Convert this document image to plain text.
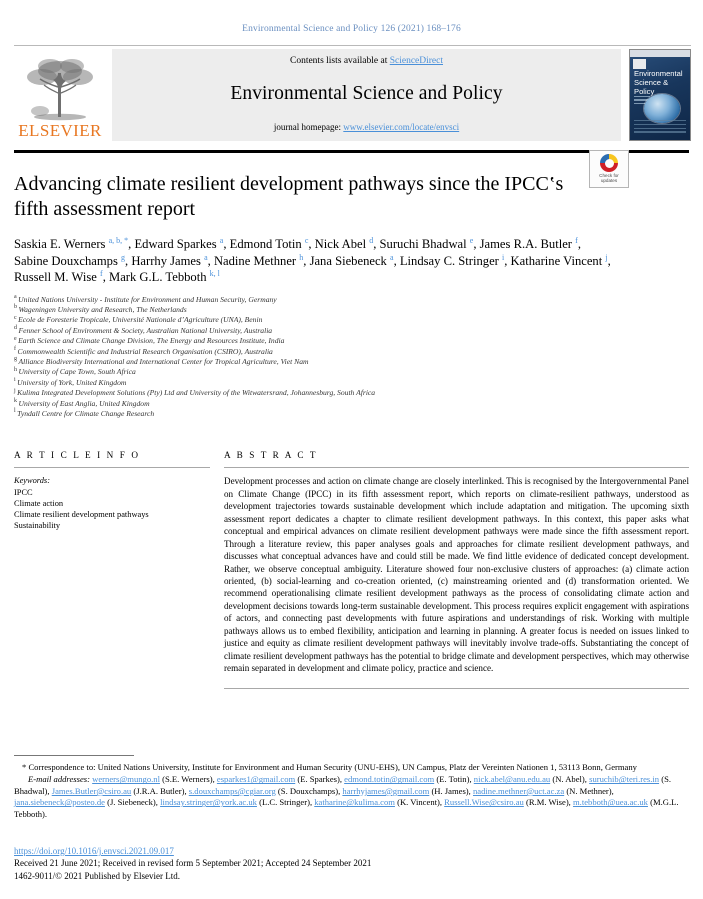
Environmental Science and Policy 126 (2021) 168–176
ELSEVIER
Contents lists available at ScienceDirect
Environmental Science and Policy
journal homepage: www.elsevier.com/locate/envsci
Environmental Science & Policy
Advancing climate resilient development pathways since the IPCC‛s fifth assessment report
Check for
updates
Saskia E. Werners $^{a, b, *}$, Edward Sparkes $^a$, Edmond Totin $^c$, Nick Abel $^d$, Suruchi Bhadwal $^e$, James R.A. Butler $^f$, Sabine Douxchamps $^g$, Harrhy James $^a$, Nadine Methner $^h$, Jana Siebeneck $^a$, Lindsay C. Stringer $^i$, Katharine Vincent $^j$, Russell M. Wise $^f$, Mark G.L. Tebboth $^{k, l}$
$^a$ United Nations University - Institute for Environment and Human Security, Germany
$^b$ Wageningen University and Research, The Netherlands
$^c$ Ecole de Foresterie Tropicale, Université Nationale d’Agriculture (UNA), Benin
$^d$ Fenner School of Environment & Society, Australian National University, Australia
$^e$ Earth Science and Climate Change Division, The Energy and Resources Institute, India
$^f$ Commonwealth Scientific and Industrial Research Organisation (CSIRO), Australia
$^g$ Alliance Biodiversity International and International Center for Tropical Agriculture, Viet Nam
$^h$ University of Cape Town, South Africa
$^i$ University of York, United Kingdom
$^j$ Kulima Integrated Development Solutions (Pty) Ltd and University of the Witwatersrand, Johannesburg, South Africa
$^k$ University of East Anglia, United Kingdom
$^l$ Tyndall Centre for Climate Change Research
A R T I C L E I N F O
Keywords:
IPCC
Climate action
Climate resilient development pathways
Sustainability
A B S T R A C T

Development processes and action on climate change are closely interlinked. This is recognised by the Intergovernmental Panel on Climate Change (IPCC) in its fifth assessment report, which reports on climate-resilient pathways, understood as development trajectories towards sustainable development which include adaptation and mitigation. The upcoming sixth assessment report dedicates a chapter to climate resilient development pathways. In this context, this paper asks what conceptual and empirical advances on climate resilient development pathways were made since the fifth assessment report. Through a literature review, this paper analyses goals and approaches for climate resilient development pathways, and discusses what conceptual advances have and could still be made. We find little evidence of dedicated concept development. Rather, we observe conceptual ambiguity. Literature showed four non-exclusive clusters of approaches: (a) climate action oriented, (b) social-learning and co-creation oriented, (c) mainstreaming oriented and (d) transformation oriented. We recommend operationalising climate resilient development pathways as the process of consolidating climate action and development decisions towards long-term sustainable development. This process requires explicit engagement with aspirations of actors, and connecting past developments with future aspirations and understandings of risk. Working with multiple pathways allows us to embed flexibility, anticipation and learning in planning. A greater focus is needed on issues linked to justice and equity as climate resilient development pathways will inevitably involve trade-offs. Substantiating the concept of climate resilient development pathways has the potential to bridge climate and development perspectives, which may otherwise remain separated in development and climate policy, practice and science.

* Correspondence to: United Nations University, Institute for Environment and Human Security (UNU-EHS), UN Campus, Platz der Vereinten Nationen 1, 53113 Bonn, Germany
E-mail addresses: werners@mungo.nl (S.E. Werners), esparkes1@gmail.com (E. Sparkes), edmond.totin@gmail.com (E. Totin), nick.abel@anu.edu.au (N. Abel), suruchib@teri.res.in (S. Bhadwal), James.Butler@csiro.au (J.R.A. Butler), s.douxchamps@cgiar.org (S. Douxchamps), harrhyjames@gmail.com (H. James), nadine.methner@uct.ac.za (N. Methner), jana.siebeneck@posteo.de (J. Siebeneck), lindsay.stringer@york.ac.uk (L.C. Stringer), katharine@kulima.com (K. Vincent), Russell.Wise@csiro.au (R.M. Wise), m.tebboth@uea.ac.uk (M.G.L. Tebboth).
https://doi.org/10.1016/j.envsci.2021.09.017
Received 21 June 2021; Received in revised form 5 September 2021; Accepted 24 September 2021
1462-9011/© 2021 Published by Elsevier Ltd.
